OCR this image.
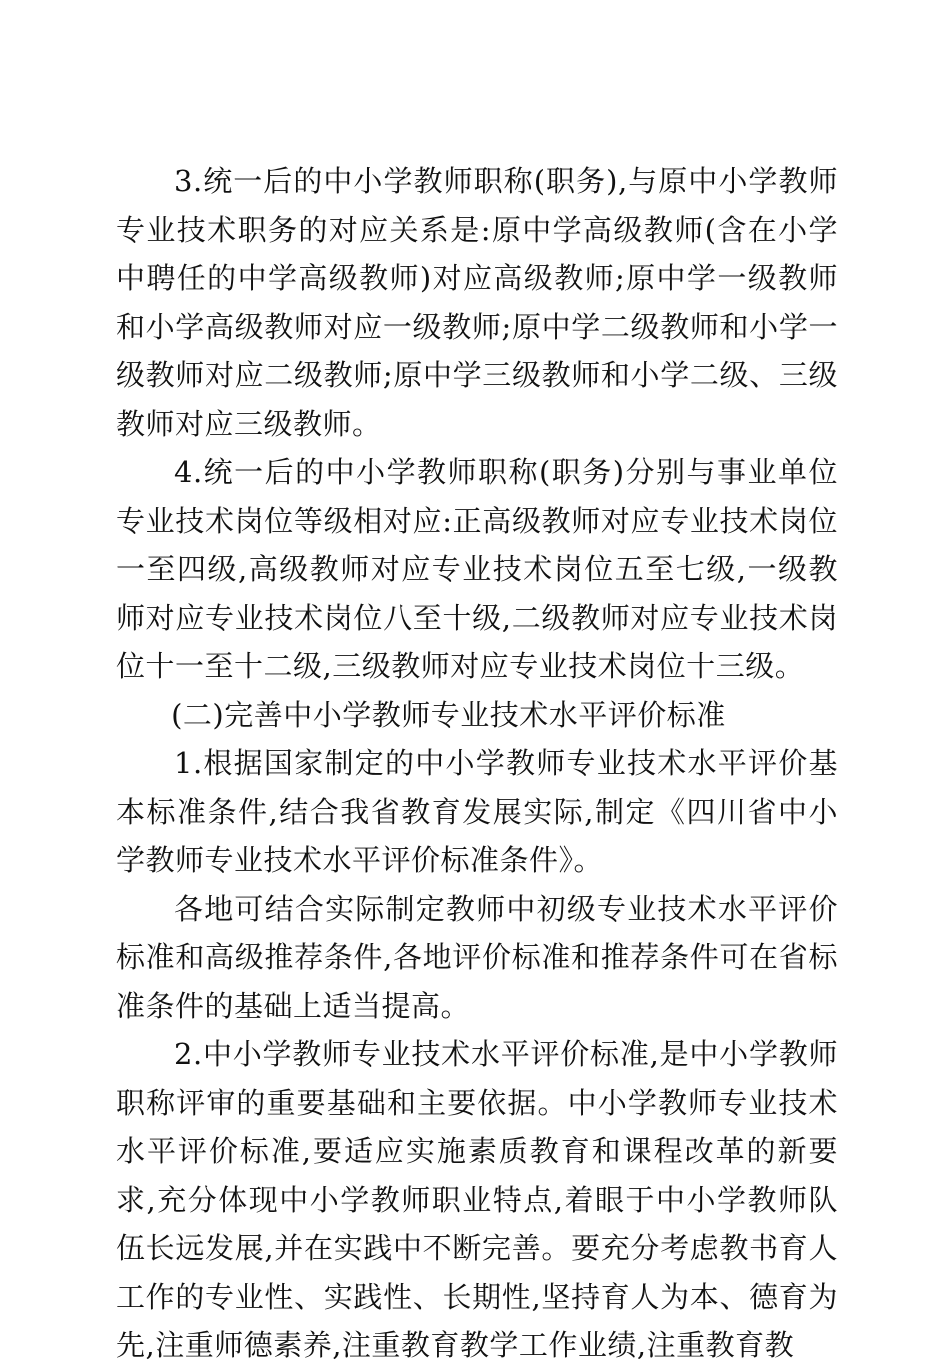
3.统一后的中小学教师职称(职务),与原中小学教师专业技术职务的对应关系是:原中学高级教师(含在小学中聘任的中学高级教师)对应高级教师;原中学一级教师和小学高级教师对应一级教师;原中学二级教师和小学一级教师对应二级教师;原中学三级教师和小学二级、三级教师对应三级教师。

4.统一后的中小学教师职称(职务)分别与事业单位专业技术岗位等级相对应:正高级教师对应专业技术岗位一至四级,高级教师对应专业技术岗位五至七级,一级教师对应专业技术岗位八至十级,二级教师对应专业技术岗位十一至十二级,三级教师对应专业技术岗位十三级。

(二)完善中小学教师专业技术水平评价标准

1.根据国家制定的中小学教师专业技术水平评价基本标准条件,结合我省教育发展实际,制定《四川省中小学教师专业技术水平评价标准条件》。

各地可结合实际制定教师中初级专业技术水平评价标准和高级推荐条件,各地评价标准和推荐条件可在省标准条件的基础上适当提高。

2.中小学教师专业技术水平评价标准,是中小学教师职称评审的重要基础和主要依据。中小学教师专业技术水平评价标准,要适应实施素质教育和课程改革的新要求,充分体现中小学教师职业特点,着眼于中小学教师队伍长远发展,并在实践中不断完善。要充分考虑教书育人工作的专业性、实践性、长期性,坚持育人为本、德育为先,注重师德素养,注重教育教学工作业绩,注重教育教
